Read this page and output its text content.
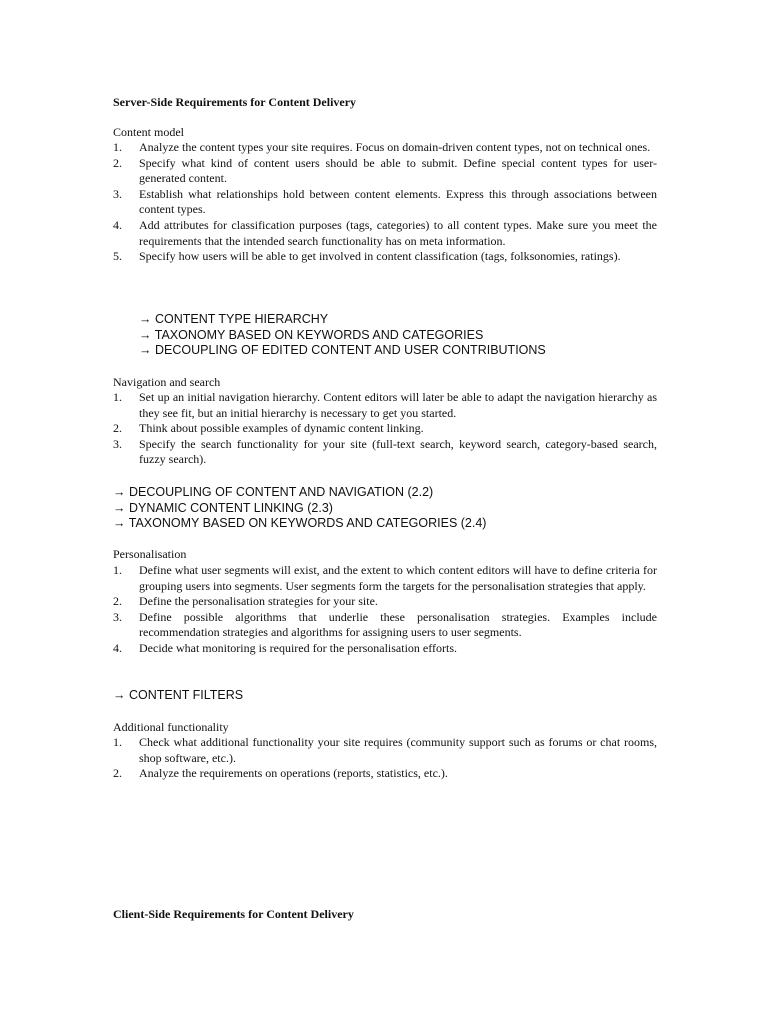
Server-Side Requirements for Content Delivery
Content model
1. Analyze the content types your site requires. Focus on domain-driven content types, not on technical ones.
2. Specify what kind of content users should be able to submit. Define special content types for user-generated content.
3. Establish what relationships hold between content elements. Express this through associations between content types.
4. Add attributes for classification purposes (tags, categories) to all content types. Make sure you meet the requirements that the intended search functionality has on meta information.
5. Specify how users will be able to get involved in content classification (tags, folksonomies, ratings).
→ CONTENT TYPE HIERARCHY
→ TAXONOMY BASED ON KEYWORDS AND CATEGORIES
→ DECOUPLING OF EDITED CONTENT AND USER CONTRIBUTIONS
Navigation and search
1. Set up an initial navigation hierarchy. Content editors will later be able to adapt the navigation hierarchy as they see fit, but an initial hierarchy is necessary to get you started.
2. Think about possible examples of dynamic content linking.
3. Specify the search functionality for your site (full-text search, keyword search, category-based search, fuzzy search).
→ DECOUPLING OF CONTENT AND NAVIGATION (2.2)
→ DYNAMIC CONTENT LINKING (2.3)
→ TAXONOMY BASED ON KEYWORDS AND CATEGORIES (2.4)
Personalisation
1. Define what user segments will exist, and the extent to which content editors will have to define criteria for grouping users into segments. User segments form the targets for the personalisation strategies that apply.
2. Define the personalisation strategies for your site.
3. Define possible algorithms that underlie these personalisation strategies. Examples include recommendation strategies and algorithms for assigning users to user segments.
4. Decide what monitoring is required for the personalisation efforts.
→ CONTENT FILTERS
Additional functionality
1. Check what additional functionality your site requires (community support such as forums or chat rooms, shop software, etc.).
2. Analyze the requirements on operations (reports, statistics, etc.).
Client-Side Requirements for Content Delivery
